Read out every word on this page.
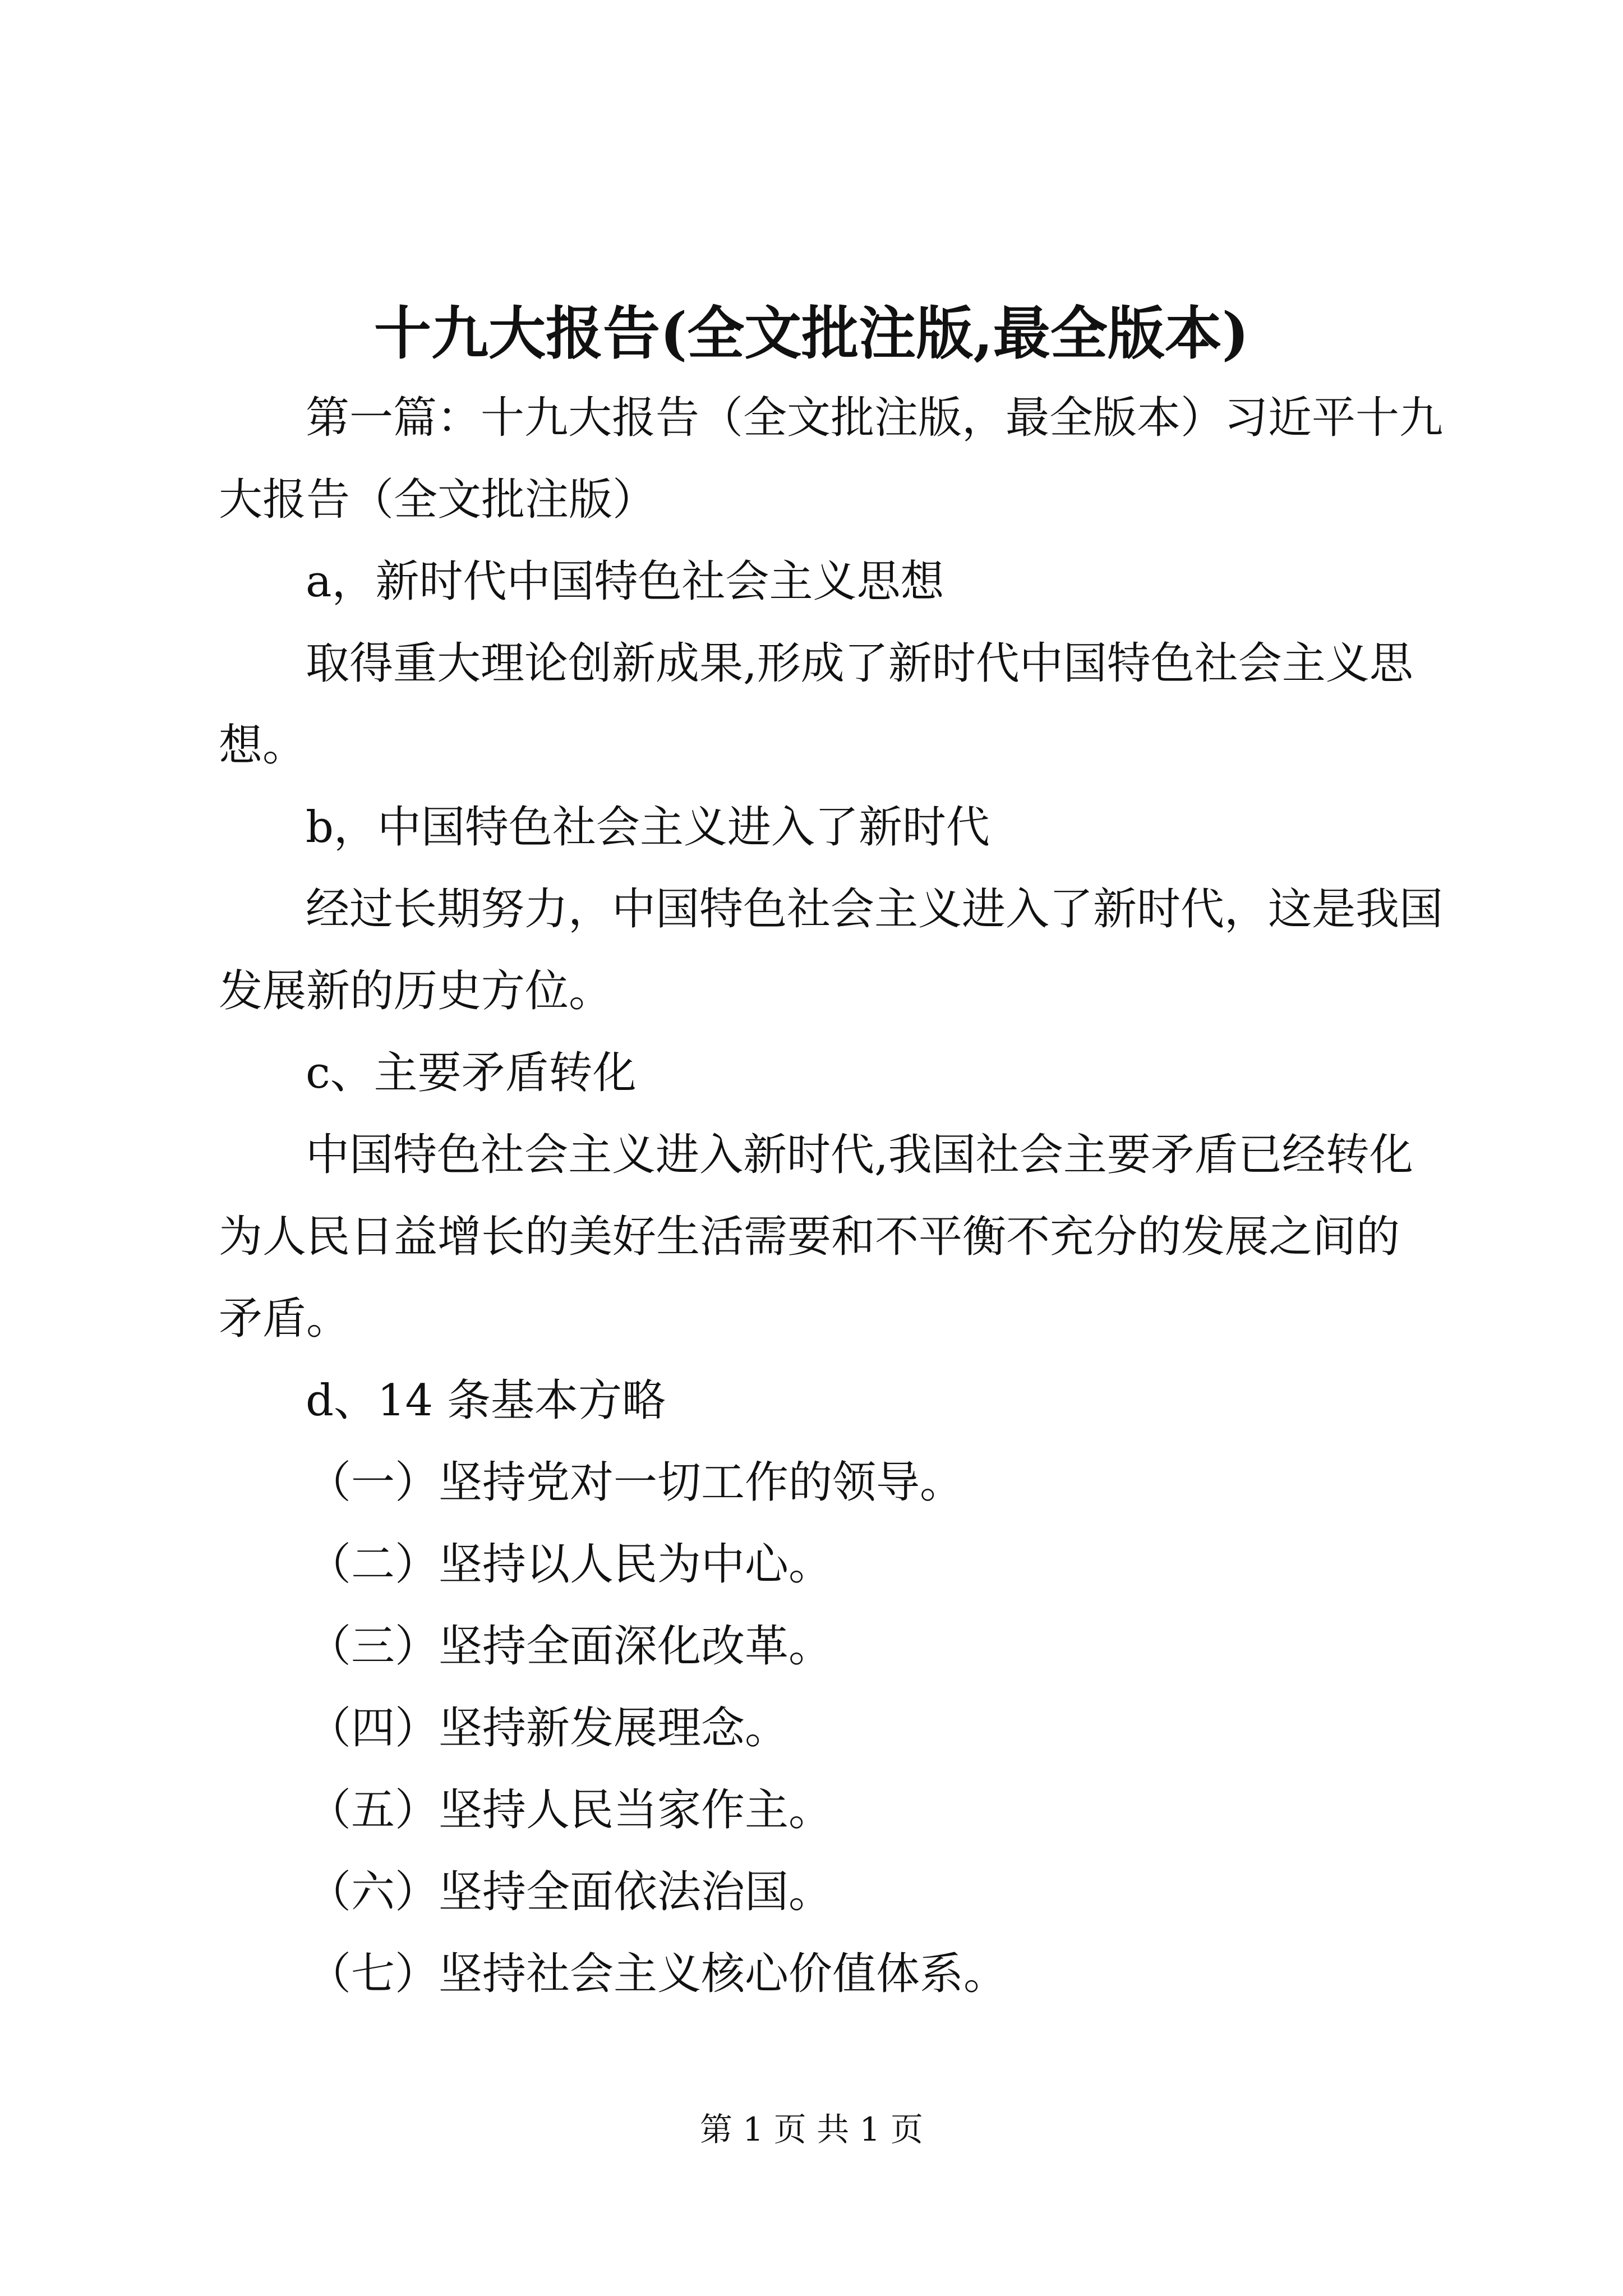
十九大报告(全文批注版,最全版本)
第一篇：十九大报告（全文批注版，最全版本）习近平十九
大报告（全文批注版）
a，新时代中国特色社会主义思想
取得重大理论创新成果,形成了新时代中国特色社会主义思
想。
b，中国特色社会主义进入了新时代
经过长期努力，中国特色社会主义进入了新时代，这是我国
发展新的历史方位。
c、主要矛盾转化
中国特色社会主义进入新时代,我国社会主要矛盾已经转化
为人民日益增长的美好生活需要和不平衡不充分的发展之间的
矛盾。
d、14 条基本方略
（一）坚持党对一切工作的领导。
（二）坚持以人民为中心。
（三）坚持全面深化改革。
（四）坚持新发展理念。
（五）坚持人民当家作主。
（六）坚持全面依法治国。
（七）坚持社会主义核心价值体系。
第 1 页 共 1 页
